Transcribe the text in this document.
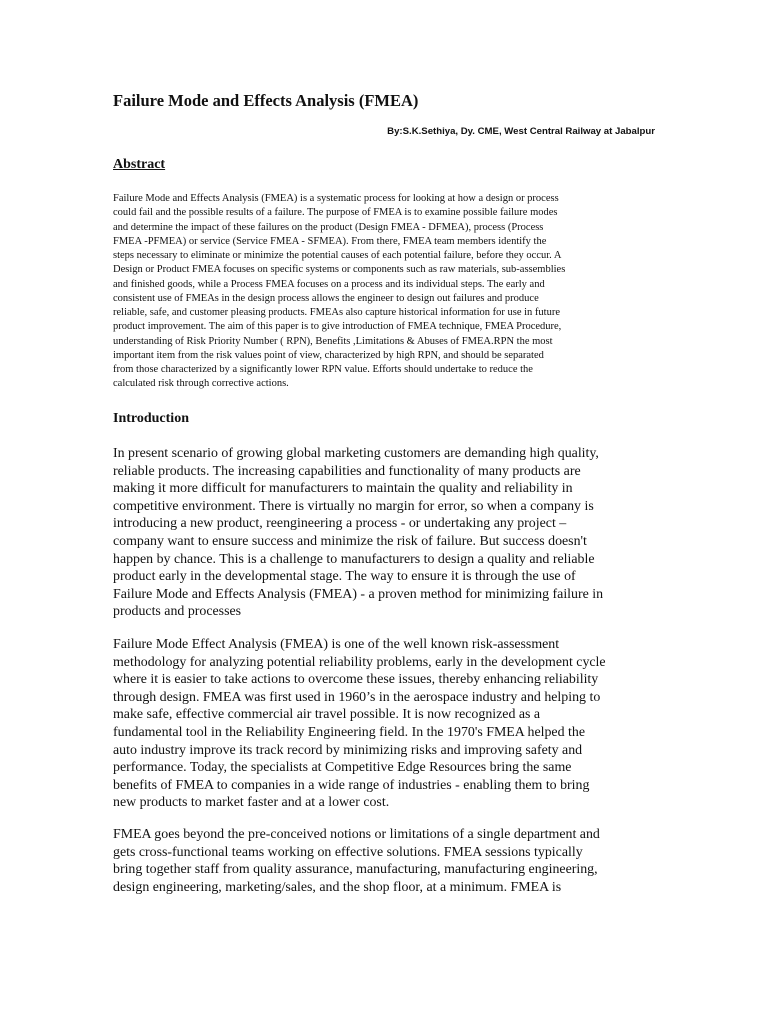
Failure Mode and Effects Analysis (FMEA)

By:S.K.Sethiya, Dy. CME, West Central Railway at Jabalpur

Abstract
Failure Mode and Effects Analysis (FMEA) is a systematic process for looking at how a design or process
could fail and the possible results of a failure. The purpose of FMEA is to examine possible failure modes
and determine the impact of these failures on the product (Design FMEA - DFMEA), process (Process
FMEA -PFMEA) or service (Service FMEA - SFMEA). From there, FMEA team members identify the
steps necessary to eliminate or minimize the potential causes of each potential failure, before they occur. A
Design or Product FMEA focuses on specific systems or components such as raw materials, sub-assemblies
and finished goods, while a Process FMEA focuses on a process and its individual steps. The early and
consistent use of FMEAs in the design process allows the engineer to design out failures and produce
reliable, safe, and customer pleasing products. FMEAs also capture historical information for use in future
product improvement. The aim of this paper is to give introduction of FMEA technique, FMEA Procedure,
understanding of Risk Priority Number ( RPN), Benefits ,Limitations & Abuses of FMEA.RPN the most
important item from the risk values point of view, characterized by high RPN, and should be separated
from those characterized by a significantly lower RPN value. Efforts should undertake to reduce the
calculated risk through corrective actions.
Introduction
In present scenario of growing global marketing customers are demanding high quality,
reliable products. The increasing capabilities and functionality of many products are
making it more difficult for manufacturers to maintain the quality and reliability in
competitive environment. There is virtually no margin for error, so when a company is
introducing a new product, reengineering a process - or undertaking any project –
company want to ensure success and minimize the risk of failure. But success doesn't
happen by chance. This is a challenge to manufacturers to design a quality and reliable
product early in the developmental stage. The way to ensure it is through the use of
Failure Mode and Effects Analysis (FMEA) - a proven method for minimizing failure in
products and processes
Failure Mode Effect Analysis (FMEA) is one of the well known risk-assessment
methodology for analyzing potential reliability problems, early in the development cycle
where it is easier to take actions to overcome these issues, thereby enhancing reliability
through design. FMEA was first used in 1960’s in the aerospace industry and helping to
make safe, effective commercial air travel possible. It is now recognized as a
fundamental tool in the Reliability Engineering field. In the 1970's FMEA helped the
auto industry improve its track record by minimizing risks and improving safety and
performance. Today, the specialists at Competitive Edge Resources bring the same
benefits of FMEA to companies in a wide range of industries - enabling them to bring
new products to market faster and at a lower cost.
FMEA goes beyond the pre-conceived notions or limitations of a single department and
gets cross-functional teams working on effective solutions. FMEA sessions typically
bring together staff from quality assurance, manufacturing, manufacturing engineering,
design engineering, marketing/sales, and the shop floor, at a minimum. FMEA is
